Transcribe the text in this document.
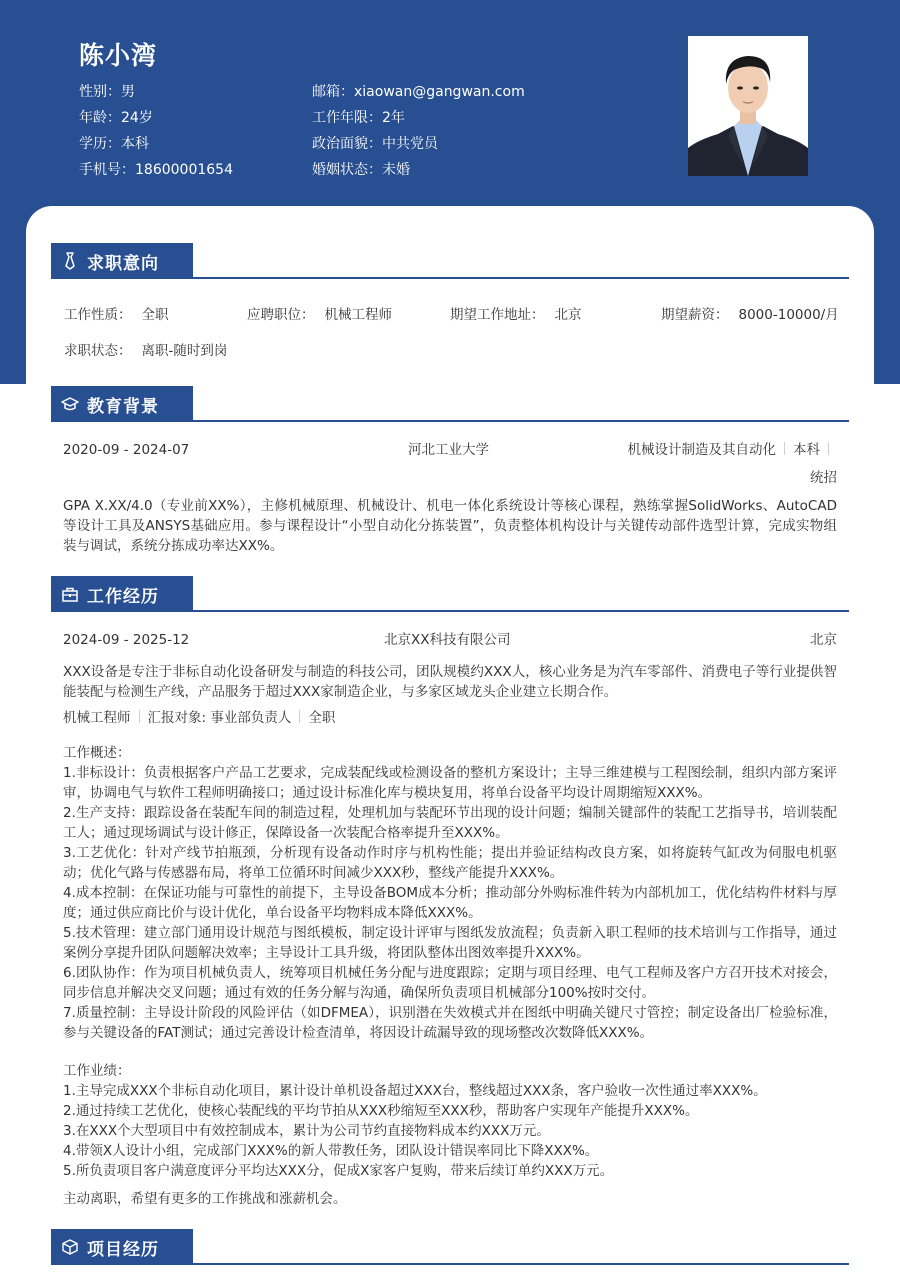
陈小湾
性别：男
年龄：24岁
学历：本科
手机号：18600001654
邮箱：xiaowan@gangwan.com
工作年限：2年
政治面貌：中共党员
婚姻状态：未婚
求职意向
工作性质： 全职	应聘职位： 机械工程师	期望工作地址： 北京	期望薪资： 8000-10000/月
求职状态： 离职-随时到岗
教育背景
2020-09 - 2024-07	河北工业大学	机械设计制造及其自动化 本科
统招
GPA X.XX/4.0（专业前XX%），主修机械原理、机械设计、机电一体化系统设计等核心课程，熟练掌握SolidWorks、AutoCAD等设计工具及ANSYS基础应用。参与课程设计“小型自动化分拣装置”，负责整体机构设计与关键传动部件选型计算，完成实物组装与调试，系统分拣成功率达XX%。
工作经历
2024-09 - 2025-12	北京XX科技有限公司	北京
XXX设备是专注于非标自动化设备研发与制造的科技公司，团队规模约XXX人，核心业务是为汽车零部件、消费电子等行业提供智能装配与检测生产线，产品服务于超过XXX家制造企业，与多家区域龙头企业建立长期合作。
机械工程师 汇报对象: 事业部负责人 全职
工作概述：
1.非标设计：负责根据客户产品工艺要求，完成装配线或检测设备的整机方案设计；主导三维建模与工程图绘制，组织内部方案评审，协调电气与软件工程师明确接口；通过设计标准化库与模块复用，将单台设备平均设计周期缩短XXX%。
2.生产支持：跟踪设备在装配车间的制造过程，处理机加与装配环节出现的设计问题；编制关键部件的装配工艺指导书，培训装配工人；通过现场调试与设计修正，保障设备一次装配合格率提升至XXX%。
3.工艺优化：针对产线节拍瓶颈，分析现有设备动作时序与机构性能；提出并验证结构改良方案，如将旋转气缸改为伺服电机驱动；优化气路与传感器布局，将单工位循环时间减少XXX秒，整线产能提升XXX%。
4.成本控制：在保证功能与可靠性的前提下，主导设备BOM成本分析；推动部分外购标准件转为内部机加工，优化结构件材料与厚度；通过供应商比价与设计优化，单台设备平均物料成本降低XXX%。
5.技术管理：建立部门通用设计规范与图纸模板，制定设计评审与图纸发放流程；负责新入职工程师的技术培训与工作指导，通过案例分享提升团队问题解决效率；主导设计工具升级，将团队整体出图效率提升XXX%。
6.团队协作：作为项目机械负责人，统筹项目机械任务分配与进度跟踪；定期与项目经理、电气工程师及客户方召开技术对接会，同步信息并解决交叉问题；通过有效的任务分解与沟通，确保所负责项目机械部分100%按时交付。
7.质量控制：主导设计阶段的风险评估（如DFMEA），识别潜在失效模式并在图纸中明确关键尺寸管控；制定设备出厂检验标准，参与关键设备的FAT测试；通过完善设计检查清单，将因设计疏漏导致的现场整改次数降低XXX%。
工作业绩：
1.主导完成XXX个非标自动化项目，累计设计单机设备超过XXX台，整线超过XXX条，客户验收一次性通过率XXX%。
2.通过持续工艺优化，使核心装配线的平均节拍从XXX秒缩短至XXX秒，帮助客户实现年产能提升XXX%。
3.在XXX个大型项目中有效控制成本，累计为公司节约直接物料成本约XXX万元。
4.带领X人设计小组，完成部门XXX%的新人带教任务，团队设计错误率同比下降XXX%。
5.所负责项目客户满意度评分平均达XXX分，促成X家客户复购，带来后续订单约XXX万元。
主动离职，希望有更多的工作挑战和涨薪机会。
项目经历
